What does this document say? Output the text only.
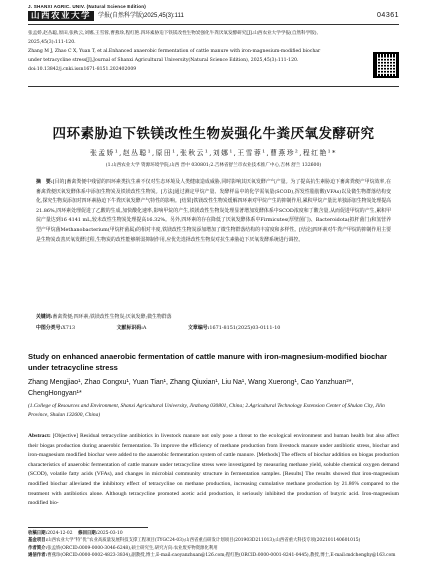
J. SHANXI AGRIC. UNIV. (Natural Science Edition)
山西农业大学	学报(自然科学版)2025,45(3):111	04361
张孟娇,赵丛聪,原田,张秋云,刘娜,王雪蓉,曹燕珍,程红艳.四环素胁迫下铁镁改性生物炭强化牛粪厌氧发酵研究[J].山西农业大学学报(自然科学版),
2025,45(3):111-120.
Zhang M J, Zhao C X, Yuan T, et al.Enhanced anaerobic fermentation of cattle manure with iron-magnesium-modified biochar
under tetracycline stress[J].Journal of Shanxi Agricultural University(Natural Science Edition), 2025,45(3):111-120.
doi:10.13842/j.cnki.issn1671-8151.202402009
四环素胁迫下铁镁改性生物炭强化牛粪厌氧发酵研究
张孟娇¹,赵丛聪¹,原田¹,张秋云¹,刘娜¹,王雪蓉¹,曹燕珍²,程红艳¹*
(1.山西农业大学 资源环境学院,山西 晋中 030801;2.吉林省舒兰市农业技术推广中心,吉林 舒兰 132600)
摘　要:[目的]畜禽粪便中残留的四环素类抗生素不仅对生态环境及人类健康造成威胁,同时影响其厌氧发酵产气产量。为了提高抗生素胁迫下畜禽粪便产甲烷效率,在畜禽粪便厌氧发酵体系中添加生物炭及铁镁改性生物炭。[方法]通过测定甲烷产量、发酵样品中的化学需氧量(SCOD),挥发性脂肪酸(VFAs)以及微生物群落结构变化,探究生物炭添加对四环素胁迫下牛粪厌氧发酵产气特性的影响。[结果]铁镁改性生物炭缓解四环素对甲烷产生的抑制作用,累积甲烷产量比单独添加生物炭处理提高21.86%,四环素处理促进了乙酸的生成,加快酸化速率,影响甲烷的产生,铁镁改性生物炭处理显著增加发酵体系中SCOD浓度和丁酸含量,从而促进甲烷的产生,累积甲烷产量达到16 4141 mL,较未改性生物炭处理提高16.32%。另外,四环素的存在降低了厌氧发酵体系中Firmicutes(厚壁菌门)、Bacteroidota(拟杆菌门)和氢营养型产甲烷菌Methanobacterium(甲烷杆菌属)的相对丰度,铁镁改性生物炭添加增加了微生物群落结构的丰富度和多样性。[结论]四环素对牛粪产甲烷的抑制作用主要是生物炭改善厌氧发酵过程,生物炭的改性能够削弱抑制作用,应优先选择改性生物炭对抗生素胁迫下厌氧发酵系统进行调控。
关键词:畜禽粪便;四环素;铁镁改性生物炭;厌氧发酵;微生物群落
中图分类号:X713	文献标识码:A	文章编号:1671-8151(2025)03-0111-10
Study on enhanced anaerobic fermentation of cattle manure with iron-magnesium-modified biochar under tetracycline stress
Zhang Mengjiao¹, Zhao Congxu¹, Yuan Tian¹, Zhang Qiuxian¹, Liu Na¹, Wang Xuerong¹, Cao Yanzhuan²*, ChengHongyan¹*
(1.College of Resources and Environment, Shanxi Agricultural University, Jinzhong 030801, China; 2.Agricultural Technology Extension Center of Shulan City, Jilin Province, Shulan 132600, China)
Abstract: [Objective] Residual tetracycline antibiotics in livestock manure not only pose a threat to the ecological environment and human health but also affect their biogas production during anaerobic fermentation. To improve the efficiency of methane production from livestock manure under antibiotic stress, biochar and iron-magnesium modified biochar were added to the anaerobic fermentation system of cattle manure. [Methods] The effects of biochar addition on biogas production characteristics of anaerobic fermentation of cattle manure under tetracycline stress were investigated by measuring methane yield, soluble chemical oxygen demand (SCOD), volatile fatty acids (VFAs), and changes in microbial community structure in fermentation samples. [Results] The results showed that iron-magnesium modified biochar alleviated the inhibitory effect of tetracycline on methane production, increasing cumulative methane production by 21.86% compared to the treatment with antibiotics alone. Although tetracycline promoted acetic acid production, it seriously inhibited the production of butyric acid. Iron-magnesium modified bio-
收稿日期:2024-12-02 修回日期:2025-03-10
基金项目:山西农业大学“特”优“农业高质量发展科技支撑工程项目(TYGC24-03);山西省重点研发计划项目(201903D211013);山西省重大科技专项(202101140601015)
作者简介:张孟娇(ORCID:0009-0000-3046-6248),硕士研究生,研究方向:农业废弃物资源化利用
通信作者:曹燕珍(ORCID:0000-0002-4823-3834),副教授,博士,E-mail:caoyanzhuan@126.com;程红艳(ORCID:0000-0001-8241-0445),教授,博士,E-mail:mdchenghy@163.com
